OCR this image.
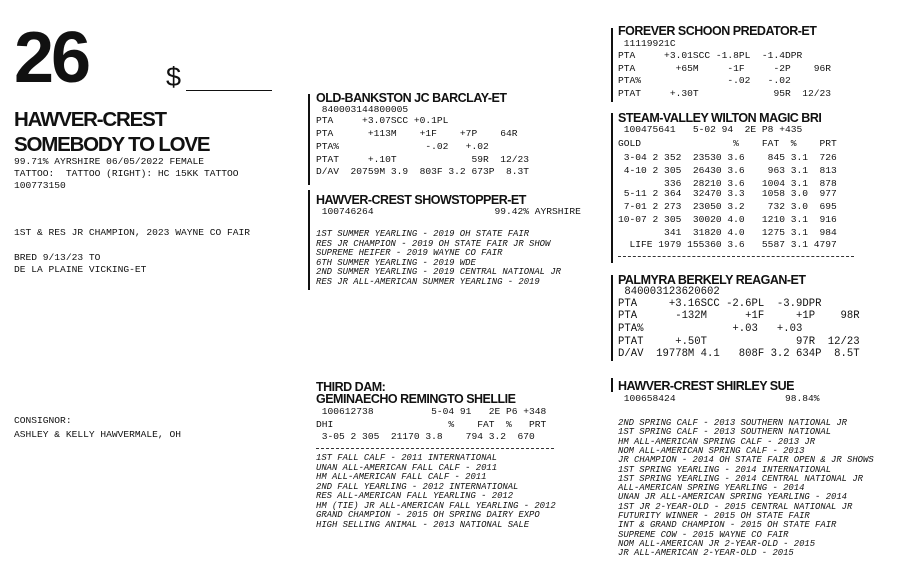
26	$
HAWVER-CREST
SOMEBODY TO LOVE
99.71% AYRSHIRE 06/05/2022 FEMALE
TATTOO:  TATTOO (RIGHT): HC 15KK TATTOO
100773150
1ST & RES JR CHAMPION, 2023 WAYNE CO FAIR
BRED 9/13/23 TO
DE LA PLAINE VICKING-ET
CONSIGNOR:
ASHLEY & KELLY HAWVERMALE, OH
OLD-BANKSTON JC BARCLAY-ET
840003144800005
PTA     +3.07SCC +0.1PL
PTA      +113M    +1F    +7P    64R
PTA%               -.02   +.02
PTAT     +.10T             59R  12/23
D/AV  20759M 3.9  803F 3.2 673P  8.3T
HAWVER-CREST SHOWSTOPPER-ET
100746264                     99.42% AYRSHIRE
1ST SUMMER YEARLING - 2019 OH STATE FAIR
RES JR CHAMPION - 2019 OH STATE FAIR JR SHOW
SUPREME HEIFER - 2019 WAYNE CO FAIR
6TH SUMMER YEARLING - 2019 WDE
2ND SUMMER YEARLING - 2019 CENTRAL NATIONAL JR
RES JR ALL-AMERICAN SUMMER YEARLING - 2019
THIRD DAM:
GEMINAECHO REMINGTO SHELLIE
100612738          5-04 91   2E P6 +348
DHI                    %    FAT  %   PRT
3-05 2 305  21170 3.8    794 3.2  670
1ST FALL CALF - 2011 INTERNATIONAL
UNAN ALL-AMERICAN FALL CALF - 2011
HM ALL-AMERICAN FALL CALF - 2011
2ND FALL YEARLING - 2012 INTERNATIONAL
RES ALL-AMERICAN FALL YEARLING - 2012
HM (TIE) JR ALL-AMERICAN FALL YEARLING - 2012
GRAND CHAMPION - 2015 OH SPRING DAIRY EXPO
HIGH SELLING ANIMAL - 2013 NATIONAL SALE
FOREVER SCHOON PREDATOR-ET
11119921C
PTA     +3.01SCC -1.8PL  -1.4DPR
PTA       +65M     -1F     -2P    96R
PTA%               -.02   -.02
PTAT     +.30T             95R  12/23
STEAM-VALLEY WILTON MAGIC BRI
100475641   5-02 94  2E P8 +435
GOLD                %    FAT  %    PRT
3-04 2 352  23530 3.6    845 3.1  726
4-10 2 305  26430 3.6    963 3.1  813
336  28210 3.6   1004 3.1  878
5-11 2 364  32470 3.3   1058 3.0  977
7-01 2 273  23050 3.2    732 3.0  695
10-07 2 305  30020 4.0   1210 3.1  916
341  31820 4.0   1275 3.1  984
LIFE 1979 155360 3.6   5587 3.1 4797
PALMYRA BERKELY REAGAN-ET
840003123620602
PTA     +3.16SCC -2.6PL  -3.9DPR
PTA      -132M      +1F     +1P    98R
PTA%              +.03   +.03
PTAT     +.50T              97R  12/23
D/AV  19778M 4.1   808F 3.2 634P  8.5T
HAWVER-CREST SHIRLEY SUE
100658424                   98.84%
2ND SPRING CALF - 2013 SOUTHERN NATIONAL JR
1ST SPRING CALF - 2013 SOUTHERN NATIONAL
HM ALL-AMERICAN SPRING CALF - 2013 JR
NOM ALL-AMERICAN SPRING CALF - 2013
JR CHAMPION - 2014 OH STATE FAIR OPEN & JR SHOWS
1ST SPRING YEARLING - 2014 INTERNATIONAL
1ST SPRING YEARLING - 2014 CENTRAL NATIONAL JR
ALL-AMERICAN SPRING YEARLING - 2014
UNAN JR ALL-AMERICAN SPRING YEARLING - 2014
1ST JR 2-YEAR-OLD - 2015 CENTRAL NATIONAL JR
FUTURITY WINNER - 2015 OH STATE FAIR
INT & GRAND CHAMPION - 2015 OH STATE FAIR
SUPREME COW - 2015 WAYNE CO FAIR
NOM ALL-AMERICAN JR 2-YEAR-OLD - 2015
JR ALL-AMERICAN 2-YEAR-OLD - 2015
